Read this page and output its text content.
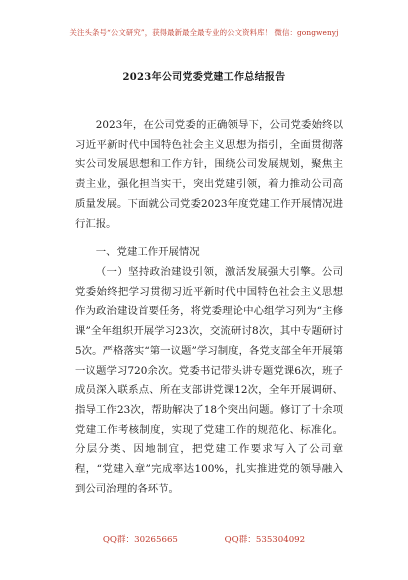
关注头条号“公文研究”，获得最新最全最专业的公文资料库！ 微信：gongwenyj
2023年公司党委党建工作总结报告

2023年，在公司党委的正确领导下，公司党委始终以习近平新时代中国特色社会主义思想为指引，全面贯彻落实公司发展思想和工作方针，围绕公司发展规划，聚焦主责主业，强化担当实干，突出党建引领，着力推动公司高质量发展。下面就公司党委2023年度党建工作开展情况进行汇报。

一、党建工作开展情况

（一）坚持政治建设引领，激活发展强大引擎。公司党委始终把学习贯彻习近平新时代中国特色社会主义思想作为政治建设首要任务，将党委理论中心组学习列为“主修课”全年组织开展学习23次，交流研讨8次，其中专题研讨5次。严格落实“第一议题”学习制度，各党支部全年开展第一议题学习720余次。党委书记带头讲专题党课6次，班子成员深入联系点、所在支部讲党课12次，全年开展调研、指导工作23次，帮助解决了18个突出问题。修订了十余项党建工作考核制度，实现了党建工作的规范化、标准化。分层分类、因地制宜，把党建工作要求写入了公司章程，“党建入章”完成率达100%，扎实推进党的领导融入到公司治理的各环节。

QQ群：30265665	QQ群：535304092
